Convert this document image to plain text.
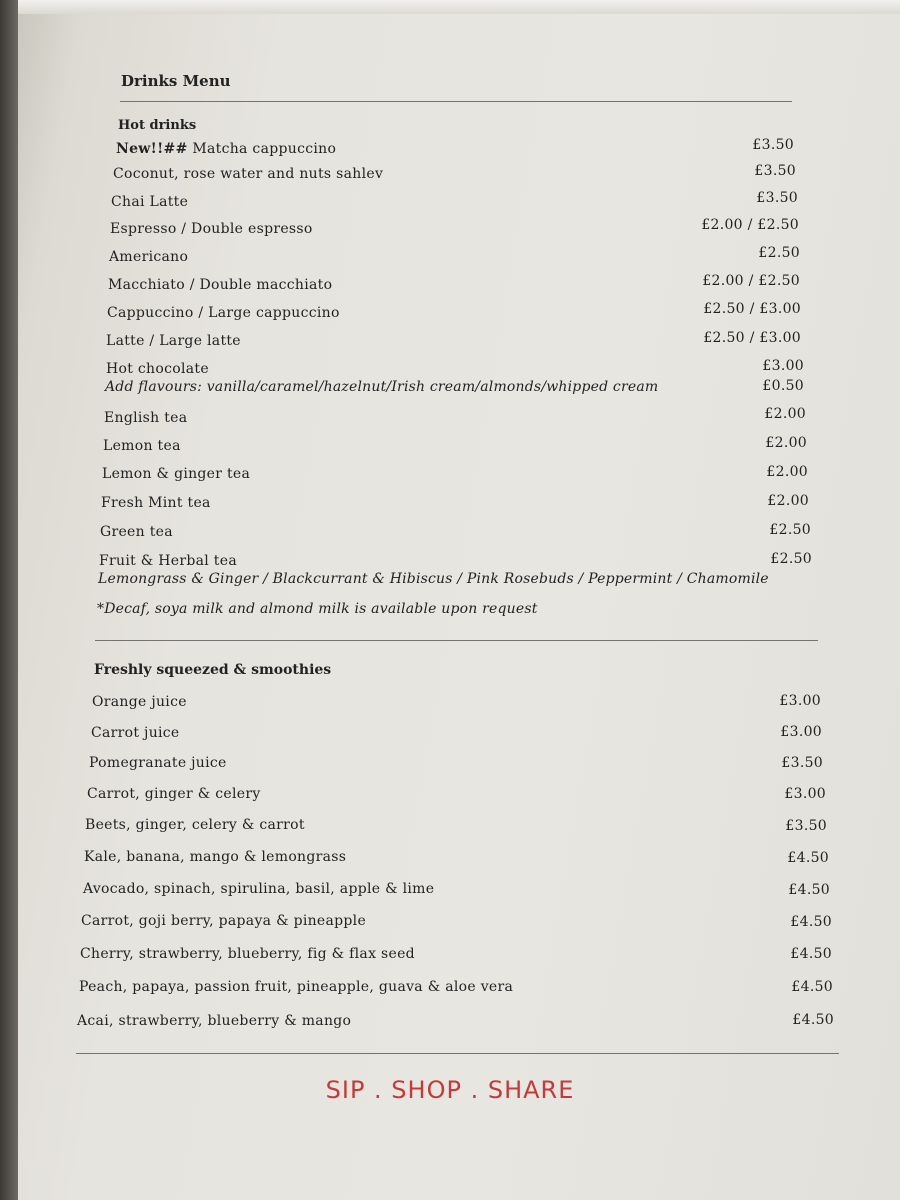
Drinks Menu
Hot drinks
New!!## Matcha cappuccino	£3.50
Coconut, rose water and nuts sahlev	£3.50
Chai Latte	£3.50
Espresso / Double espresso	£2.00 / £2.50
Americano	£2.50
Macchiato / Double macchiato	£2.00 / £2.50
Cappuccino / Large cappuccino	£2.50 / £3.00
Latte / Large latte	£2.50 / £3.00
Hot chocolate	£3.00
Add flavours: vanilla/caramel/hazelnut/Irish cream/almonds/whipped cream	£0.50
English tea	£2.00
Lemon tea	£2.00
Lemon & ginger tea	£2.00
Fresh Mint tea	£2.00
Green tea	£2.50
Fruit & Herbal tea	£2.50
Lemongrass & Ginger / Blackcurrant & Hibiscus / Pink Rosebuds / Peppermint / Chamomile
*Decaf, soya milk and almond milk is available upon request
Freshly squeezed & smoothies
Orange juice	£3.00
Carrot juice	£3.00
Pomegranate juice	£3.50
Carrot, ginger & celery	£3.00
Beets, ginger, celery & carrot	£3.50
Kale, banana, mango & lemongrass	£4.50
Avocado, spinach, spirulina, basil, apple & lime	£4.50
Carrot, goji berry, papaya & pineapple	£4.50
Cherry, strawberry, blueberry, fig & flax seed	£4.50
Peach, papaya, passion fruit, pineapple, guava & aloe vera	£4.50
Acai, strawberry, blueberry & mango	£4.50
SIP . SHOP . SHARE
